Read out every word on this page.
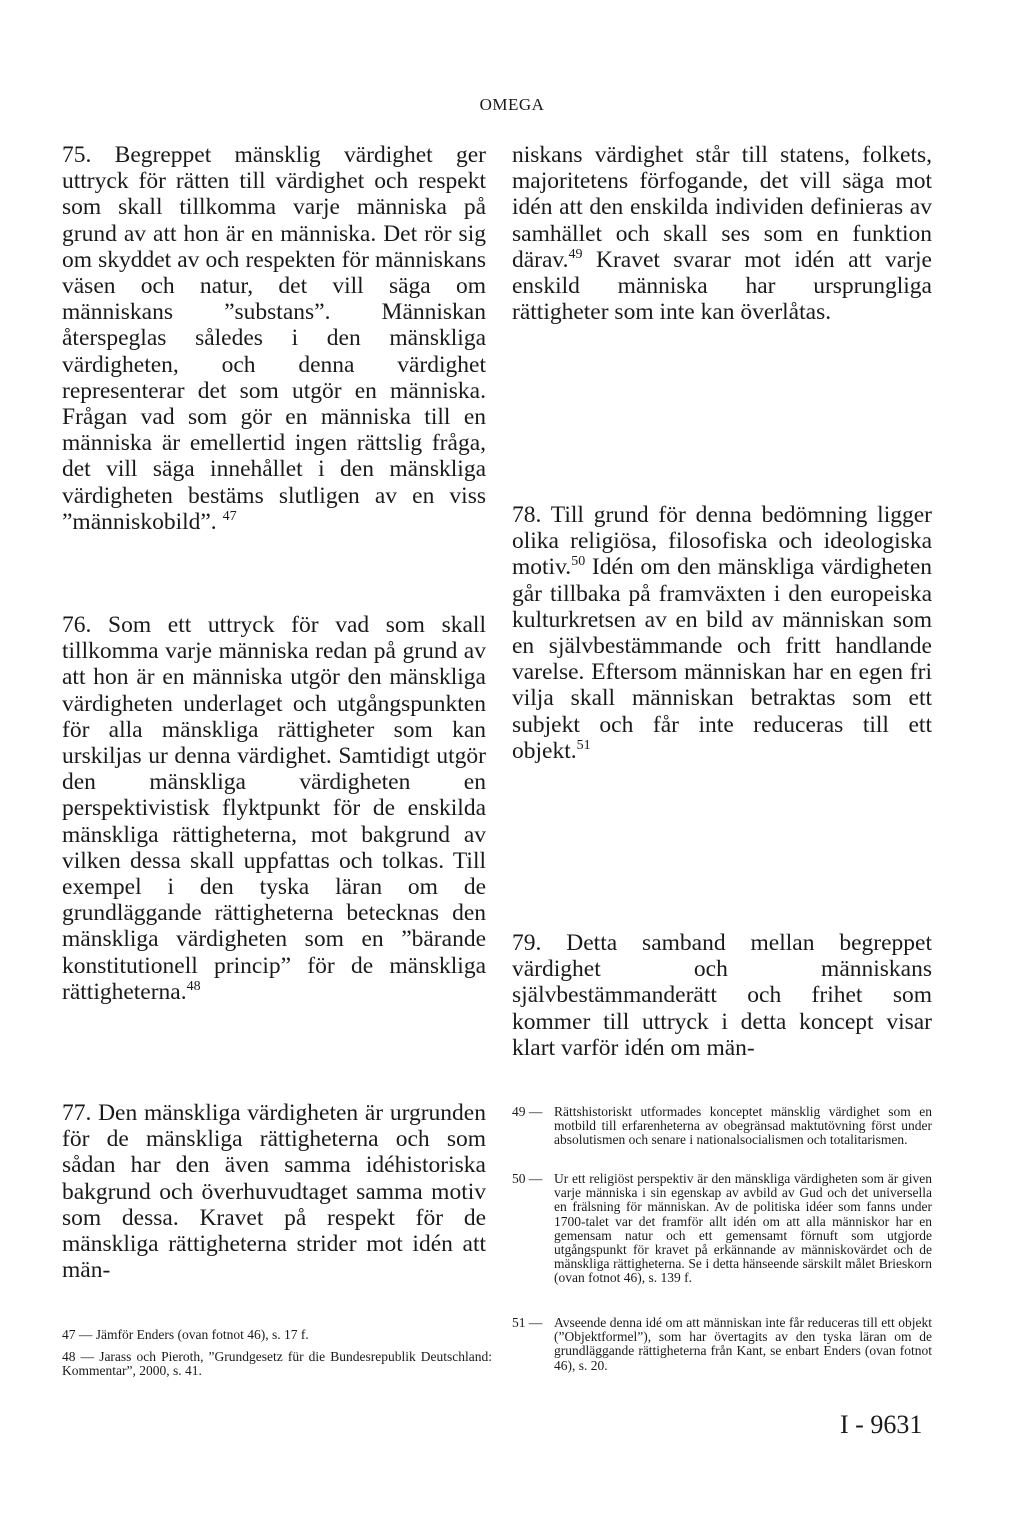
OMEGA

75. Begreppet mänsklig värdighet ger uttryck för rätten till värdighet och respekt som skall tillkomma varje människa på grund av att hon är en människa. Det rör sig om skyddet av och respekten för människans väsen och natur, det vill säga om människans ”substans”. Människan återspeglas således i den mänskliga värdigheten, och denna värdighet representerar det som utgör en människa. Frågan vad som gör en människa till en människa är emellertid ingen rättslig fråga, det vill säga innehållet i den mänskliga värdigheten bestäms slutligen av en viss ”människobild”. $^{47}$

76. Som ett uttryck för vad som skall tillkomma varje människa redan på grund av att hon är en människa utgör den mänskliga värdigheten underlaget och utgångspunkten för alla mänskliga rättigheter som kan urskiljas ur denna värdighet. Samtidigt utgör den mänskliga värdigheten en perspektivistisk flyktpunkt för de enskilda mänskliga rättigheterna, mot bakgrund av vilken dessa skall uppfattas och tolkas. Till exempel i den tyska läran om de grundläggande rättigheterna betecknas den mänskliga värdigheten som en ”bärande konstitutionell princip” för de mänskliga rättigheterna.$^{48}$

77. Den mänskliga värdigheten är urgrunden för de mänskliga rättigheterna och som sådan har den även samma idéhistoriska bakgrund och överhuvudtaget samma motiv som dessa. Kravet på respekt för de mänskliga rättigheterna strider mot idén att män-

niskans värdighet står till statens, folkets, majoritetens förfogande, det vill säga mot idén att den enskilda individen definieras av samhället och skall ses som en funktion därav.$^{49}$ Kravet svarar mot idén att varje enskild människa har ursprungliga rättigheter som inte kan överlåtas.

78. Till grund för denna bedömning ligger olika religiösa, filosofiska och ideologiska motiv.$^{50}$ Idén om den mänskliga värdigheten går tillbaka på framväxten i den europeiska kulturkretsen av en bild av människan som en självbestämmande och fritt handlande varelse. Eftersom människan har en egen fri vilja skall människan betraktas som ett subjekt och får inte reduceras till ett objekt.$^{51}$

79. Detta samband mellan begreppet värdighet och människans självbestämmanderätt och frihet som kommer till uttryck i detta koncept visar klart varför idén om män-

47 — Jämför Enders (ovan fotnot 46), s. 17 f.
48 — Jarass och Pieroth, ”Grundgesetz für die Bundesrepublik Deutschland: Kommentar”, 2000, s. 41.
49 — Rättshistoriskt utformades konceptet mänsklig värdighet som en motbild till erfarenheterna av obegränsad maktutövning först under absolutismen och senare i nationalsocialismen och totalitarismen.
50 — Ur ett religiöst perspektiv är den mänskliga värdigheten som är given varje människa i sin egenskap av avbild av Gud och det universella en frälsning för människan. Av de politiska idéer som fanns under 1700-talet var det framför allt idén om att alla människor har en gemensam natur och ett gemensamt förnuft som utgjorde utgångspunkt för kravet på erkännande av människovärdet och de mänskliga rättigheterna. Se i detta hänseende särskilt målet Brieskorn (ovan fotnot 46), s. 139 f.
51 — Avseende denna idé om att människan inte får reduceras till ett objekt (”Objektformel”), som har övertagits av den tyska läran om de grundläggande rättigheterna från Kant, se enbart Enders (ovan fotnot 46), s. 20.
I - 9631
